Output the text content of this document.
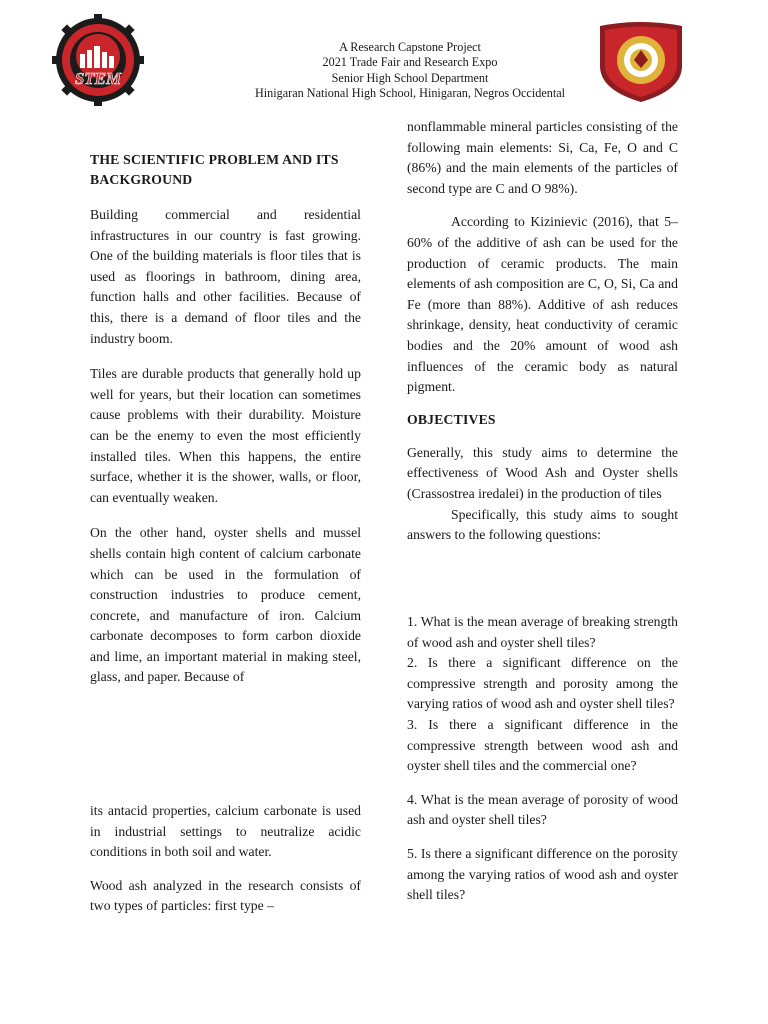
STEM
A Research Capstone Project
2021 Trade Fair and Research Expo
Senior High School Department
Hinigaran National High School, Hinigaran, Negros Occidental
THE SCIENTIFIC PROBLEM AND ITS BACKGROUND

Building commercial and residential infrastructures in our country is fast growing. One of the building materials is floor tiles that is used as floorings in bathroom, dining area, function halls and other facilities. Because of this, there is a demand of floor tiles and the industry boom.

Tiles are durable products that generally hold up well for years, but their location can sometimes cause problems with their durability. Moisture can be the enemy to even the most efficiently installed tiles. When this happens, the entire surface, whether it is the shower, walls, or floor, can eventually weaken.

On the other hand, oyster shells and mussel shells contain high content of calcium carbonate which can be used in the formulation of construction industries to produce cement, concrete, and manufacture of iron. Calcium carbonate decomposes to form carbon dioxide and lime, an important material in making steel, glass, and paper. Because of

its antacid properties, calcium carbonate is used in industrial settings to neutralize acidic conditions in both soil and water.

Wood ash analyzed in the research consists of two types of particles: first type –

nonflammable mineral particles consisting of the following main elements: Si, Ca, Fe, O and C (86%) and the main elements of the particles of second type are C and O 98%).

According to Kizinievic (2016), that 5–60% of the additive of ash can be used for the production of ceramic products. The main elements of ash composition are C, O, Si, Ca and Fe (more than 88%). Additive of ash reduces shrinkage, density, heat conductivity of ceramic bodies and the 20% amount of wood ash influences of the ceramic body as natural pigment.

OBJECTIVES

Generally, this study aims to determine the effectiveness of Wood Ash and Oyster shells (Crassostrea iredalei) in the production of tiles

Specifically, this study aims to sought answers to the following questions:

1. What is the mean average of breaking strength of wood ash and oyster shell tiles?
2. Is there a significant difference on the compressive strength and porosity among the varying ratios of wood ash and oyster shell tiles?
3. Is there a significant difference in the compressive strength between wood ash and oyster shell tiles and the commercial one?
4. What is the mean average of porosity of wood ash and oyster shell tiles?
5. Is there a significant difference on the porosity among the varying ratios of wood ash and oyster shell tiles?
